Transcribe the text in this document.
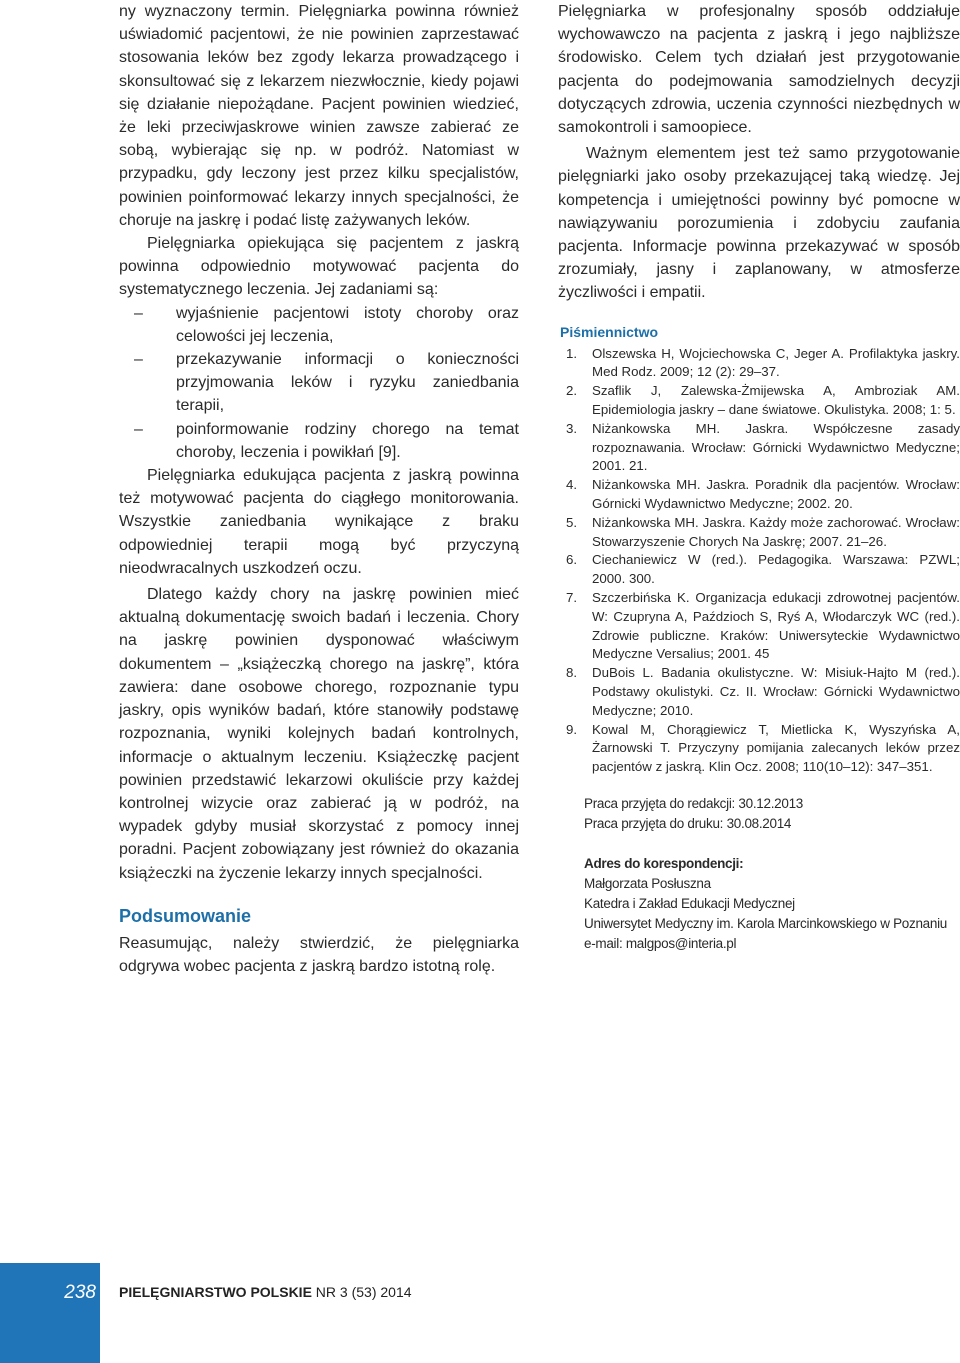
ny wyznaczony termin. Pielęgniarka powinna również uświadomić pacjentowi, że nie powinien zaprzestawać stosowania leków bez zgody lekarza prowadzącego i skonsultować się z lekarzem niezwłocznie, kiedy pojawi się działanie niepożądane. Pacjent powinien wiedzieć, że leki przeciwjaskrowe winien zawsze zabierać ze sobą, wybierając się np. w podróż. Natomiast w przypadku, gdy leczony jest przez kilku specjalistów, powinien poinformować lekarzy innych specjalności, że choruje na jaskrę i podać listę zażywanych leków.

Pielęgniarka opiekująca się pacjentem z jaskrą powinna odpowiednio motywować pacjenta do systematycznego leczenia. Jej zadaniami są:

– wyjaśnienie pacjentowi istoty choroby oraz celowości jej leczenia,
– przekazywanie informacji o konieczności przyjmowania leków i ryzyku zaniedbania terapii,
– poinformowanie rodziny chorego na temat choroby, leczenia i powikłań [9].

Pielęgniarka edukująca pacjenta z jaskrą powinna też motywować pacjenta do ciągłego monitorowania. Wszystkie zaniedbania wynikające z braku odpowiedniej terapii mogą być przyczyną nieodwracalnych uszkodzeń oczu.

Dlatego każdy chory na jaskrę powinien mieć aktualną dokumentację swoich badań i leczenia. Chory na jaskrę powinien dysponować właściwym dokumentem – „książeczką chorego na jaskrę”, która zawiera: dane osobowe chorego, rozpoznanie typu jaskry, opis wyników badań, które stanowiły podstawę rozpoznania, wyniki kolejnych badań kontrolnych, informacje o aktualnym leczeniu. Książeczkę pacjent powinien przedstawić lekarzowi okuliście przy każdej kontrolnej wizycie oraz zabierać ją w podróż, na wypadek gdyby musiał skorzystać z pomocy innej poradni. Pacjent zobowiązany jest również do okazania książeczki na życzenie lekarzy innych specjalności.

Podsumowanie

Reasumując, należy stwierdzić, że pielęgniarka odgrywa wobec pacjenta z jaskrą bardzo istotną rolę.

Pielęgniarka w profesjonalny sposób oddziałuje wychowawczo na pacjenta z jaskrą i jego najbliższe środowisko. Celem tych działań jest przygotowanie pacjenta do podejmowania samodzielnych decyzji dotyczących zdrowia, uczenia czynności niezbędnych w samokontroli i samoopiece.

Ważnym elementem jest też samo przygotowanie pielęgniarki jako osoby przekazującej taką wiedzę. Jej kompetencja i umiejętności powinny być pomocne w nawiązywaniu porozumienia i zdobyciu zaufania pacjenta. Informacje powinna przekazywać w sposób zrozumiały, jasny i zaplanowany, w atmosferze życzliwości i empatii.

Piśmiennictwo
1. Olszewska H, Wojciechowska C, Jeger A. Profilaktyka jaskry. Med Rodz. 2009; 12 (2): 29–37.
2. Szaflik J, Zalewska-Żmijewska A, Ambroziak AM. Epidemiologia jaskry – dane światowe. Okulistyka. 2008; 1: 5.
3. Niżankowska MH. Jaskra. Współczesne zasady rozpoznawania. Wrocław: Górnicki Wydawnictwo Medyczne; 2001. 21.
4. Niżankowska MH. Jaskra. Poradnik dla pacjentów. Wrocław: Górnicki Wydawnictwo Medyczne; 2002. 20.
5. Niżankowska MH. Jaskra. Każdy może zachorować. Wrocław: Stowarzyszenie Chorych Na Jaskrę; 2007. 21–26.
6. Ciechaniewicz W (red.). Pedagogika. Warszawa: PZWL; 2000. 300.
7. Szczerbińska K. Organizacja edukacji zdrowotnej pacjentów. W: Czupryna A, Paździoch S, Ryś A, Włodarczyk WC (red.). Zdrowie publiczne. Kraków: Uniwersyteckie Wydawnictwo Medyczne Versalius; 2001. 45
8. DuBois L. Badania okulistyczne. W: Misiuk-Hajto M (red.). Podstawy okulistyki. Cz. II. Wrocław: Górnicki Wydawnictwo Medyczne; 2010.
9. Kowal M, Chorągiewicz T, Mietlicka K, Wyszyńska A, Żarnowski T. Przyczyny pomijania zalecanych leków przez pacjentów z jaskrą. Klin Ocz. 2008; 110(10–12): 347–351.
Praca przyjęta do redakcji: 30.12.2013
Praca przyjęta do druku: 30.08.2014
Adres do korespondencji:
Małgorzata Posłuszna
Katedra i Zakład Edukacji Medycznej
Uniwersytet Medyczny im. Karola Marcinkowskiego w Poznaniu
e-mail: malgpos@interia.pl
238 PIELĘGNIARSTWO POLSKIE NR 3 (53) 2014
